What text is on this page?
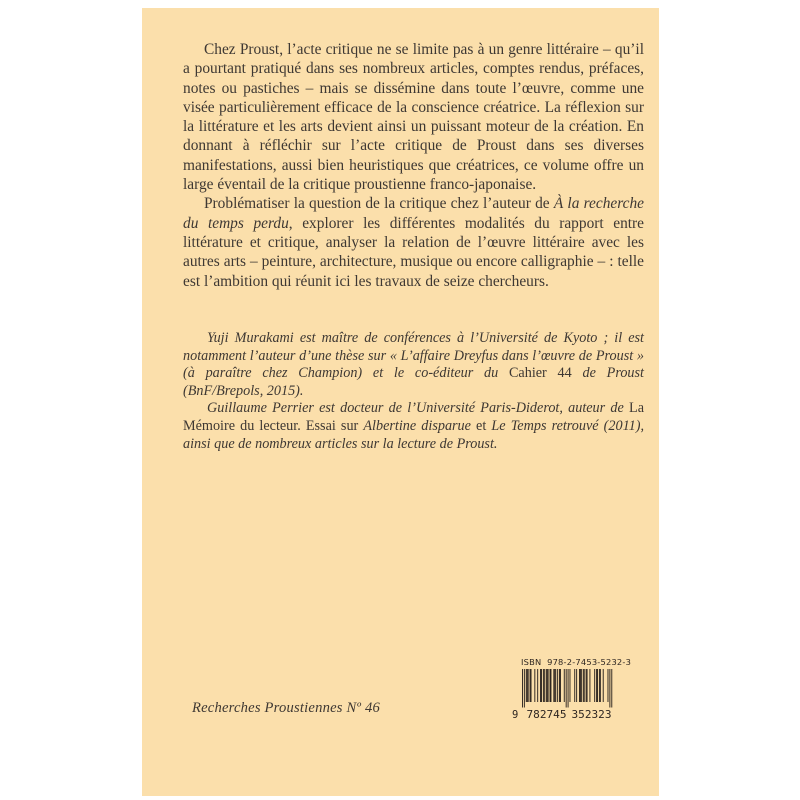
Chez Proust, l’acte critique ne se limite pas à un genre littéraire – qu’il a pourtant pratiqué dans ses nombreux articles, comptes rendus, préfaces, notes ou pastiches – mais se dissémine dans toute l’œuvre, comme une visée particulièrement efficace de la conscience créatrice. La réflexion sur la littérature et les arts devient ainsi un puissant moteur de la création. En donnant à réfléchir sur l’acte critique de Proust dans ses diverses manifestations, aussi bien heuristiques que créatrices, ce volume offre un large éventail de la critique proustienne franco-japonaise.

Problématiser la question de la critique chez l’auteur de À la recherche du temps perdu, explorer les différentes modalités du rapport entre littérature et critique, analyser la relation de l’œuvre littéraire avec les autres arts – peinture, architecture, musique ou encore calligraphie – : telle est l’ambition qui réunit ici les travaux de seize chercheurs.

Yuji Murakami est maître de conférences à l’Université de Kyoto ; il est notamment l’auteur d’une thèse sur « L’affaire Dreyfus dans l’œuvre de Proust » (à paraître chez Champion) et le co-éditeur du Cahier 44 de Proust (BnF/Brepols, 2015).

Guillaume Perrier est docteur de l’Université Paris-Diderot, auteur de La Mémoire du lecteur. Essai sur Albertine disparue et Le Temps retrouvé (2011), ainsi que de nombreux articles sur la lecture de Proust.

Recherches Proustiennes Nº 46
ISBN  978-2-7453-5232-3
9 782745 352323
